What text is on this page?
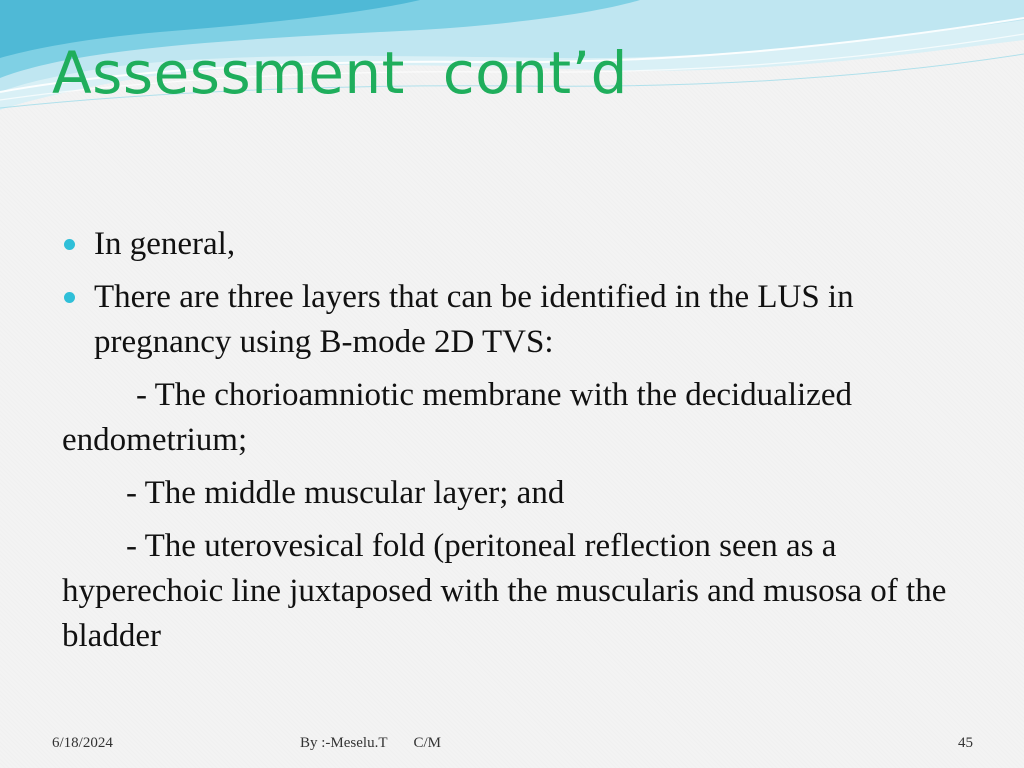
Assessment  cont’d
In general,
There are three layers that can be identified in the LUS in pregnancy using B-mode 2D TVS:
- The chorioamniotic membrane with the decidualized endometrium;
- The middle muscular layer; and
- The uterovesical fold (peritoneal reflection seen as a hyperechoic line juxtaposed with the muscularis and musosa of the bladder
6/18/2024	By :-Meselu.T       C/M	45
